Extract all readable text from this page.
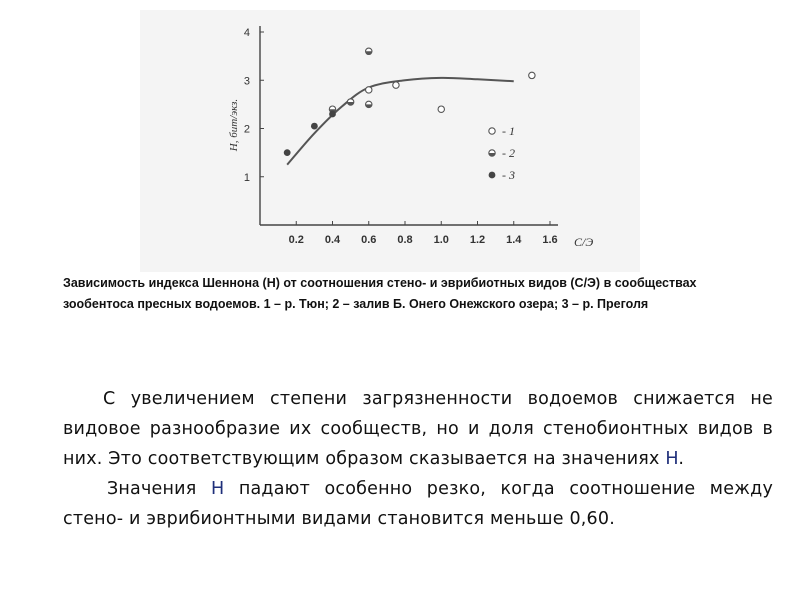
0.2 0.4 0.6 0.8 1.0 1.2 1.4 1.6
1
2
3
4
- 1
- 2
- 3
H, бит/экз.
C/Э
Зависимость индекса Шеннона (H) от соотношения стено- и эврибиотных видов (С/Э) в сообществах зообентоса пресных водоемов. 1 – р. Тюн; 2 – залив Б. Онего Онежского озера; 3 – р. Преголя

С увеличением степени загрязненности водоемов снижается не видовое разнообразие их сообществ, но и доля стенобионтных видов в них. Это соответствующим образом сказывается на значениях H.

Значения H падают особенно резко, когда соотношение между стено- и эврибионтными видами становится меньше 0,60.
